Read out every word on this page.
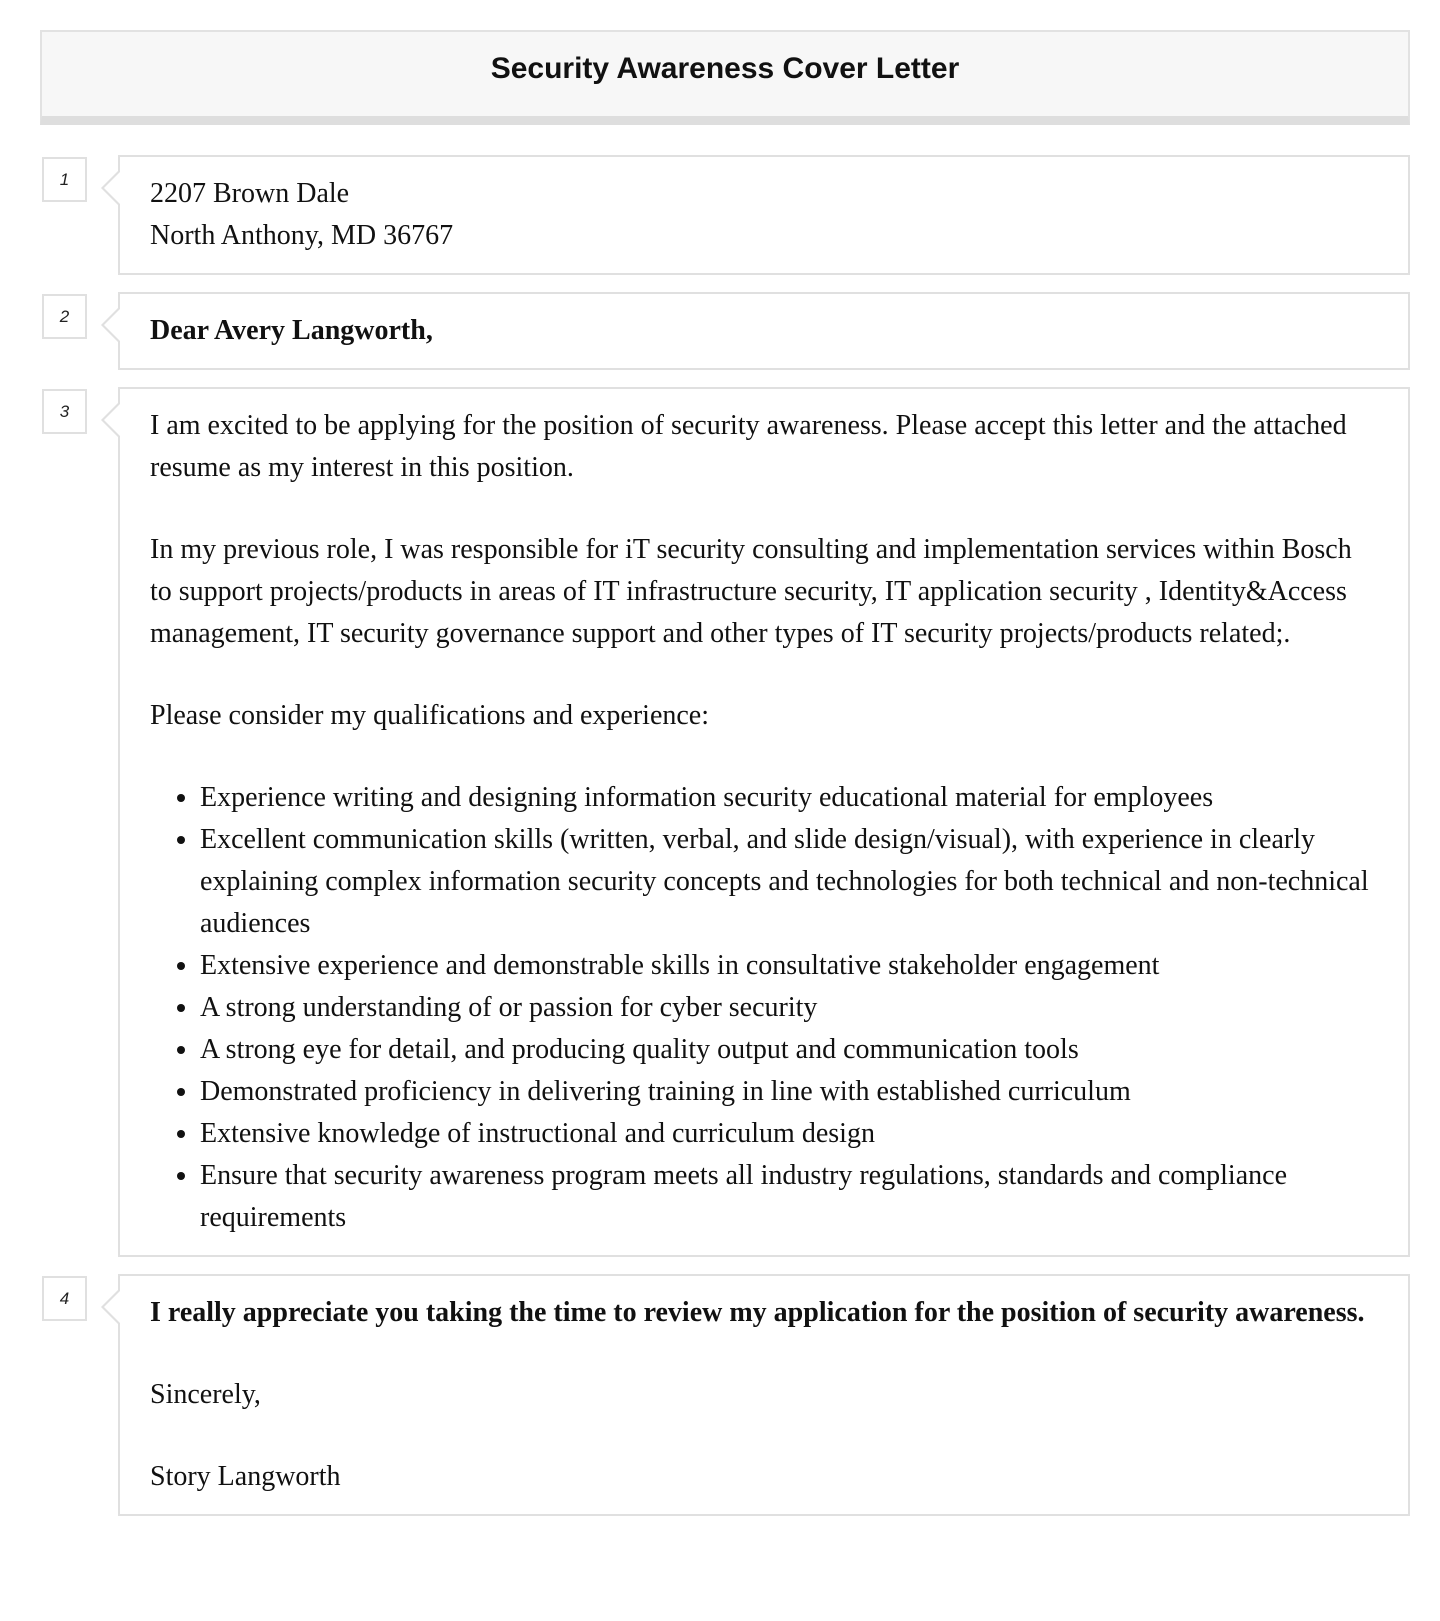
Security Awareness Cover Letter
1	2207 Brown Dale
North Anthony, MD 36767
2	Dear Avery Langworth,

3	I am excited to be applying for the position of security awareness. Please accept this letter and the attached resume as my interest in this position.

In my previous role, I was responsible for iT security consulting and implementation services within Bosch to support projects/products in areas of IT infrastructure security, IT application security , Identity&Access management, IT security governance support and other types of IT security projects/products related;.

Please consider my qualifications and experience:

• Experience writing and designing information security educational material for employees
• Excellent communication skills (written, verbal, and slide design/visual), with experience in clearly explaining complex information security concepts and technologies for both technical and non-technical audiences
• Extensive experience and demonstrable skills in consultative stakeholder engagement
• A strong understanding of or passion for cyber security
• A strong eye for detail, and producing quality output and communication tools
• Demonstrated proficiency in delivering training in line with established curriculum
• Extensive knowledge of instructional and curriculum design
• Ensure that security awareness program meets all industry regulations, standards and compliance requirements
4	I really appreciate you taking the time to review my application for the position of security awareness.

Sincerely,

Story Langworth
